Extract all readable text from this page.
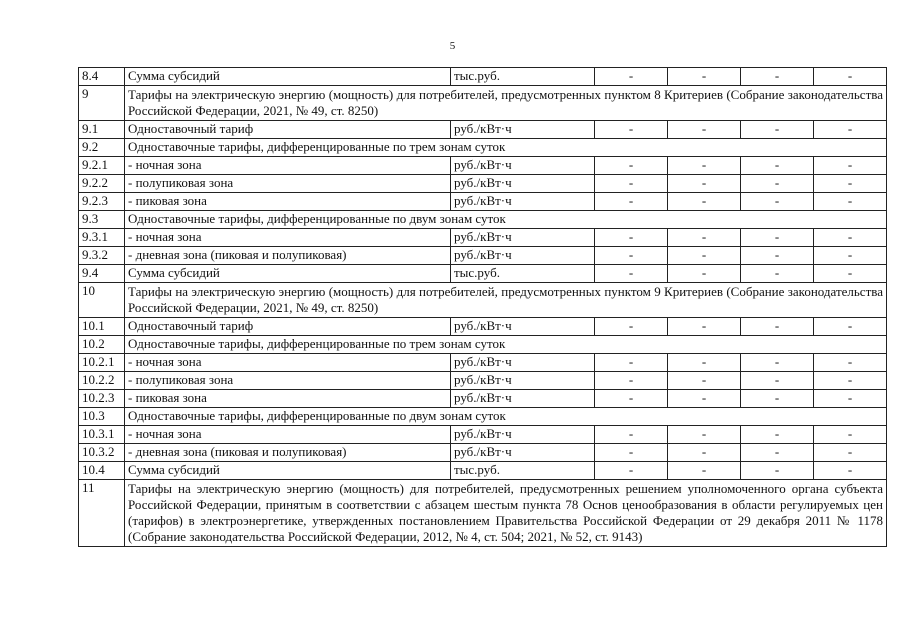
5
8.4	Сумма субсидий	тыс.руб.	-	-	-	-
9	Тарифы на электрическую энергию (мощность) для потребителей, предусмотренных пунктом 8 Критериев (Собрание законодательства Российской Федерации, 2021, № 49, ст. 8250)					
9.1	Одноставочный тариф	руб./кВт·ч	-	-	-	-
9.2	Одноставочные тарифы, дифференцированные по трем зонам суток					
9.2.1	- ночная зона	руб./кВт·ч	-	-	-	-
9.2.2	- полупиковая зона	руб./кВт·ч	-	-	-	-
9.2.3	- пиковая зона	руб./кВт·ч	-	-	-	-
9.3	Одноставочные тарифы, дифференцированные по двум зонам суток					
9.3.1	- ночная зона	руб./кВт·ч	-	-	-	-
9.3.2	- дневная зона (пиковая и полупиковая)	руб./кВт·ч	-	-	-	-
9.4	Сумма субсидий	тыс.руб.	-	-	-	-
10	Тарифы на электрическую энергию (мощность) для потребителей, предусмотренных пунктом 9 Критериев (Собрание законодательства Российской Федерации, 2021, № 49, ст. 8250)					
10.1	Одноставочный тариф	руб./кВт·ч	-	-	-	-
10.2	Одноставочные тарифы, дифференцированные по трем зонам суток					
10.2.1	- ночная зона	руб./кВт·ч	-	-	-	-
10.2.2	- полупиковая зона	руб./кВт·ч	-	-	-	-
10.2.3	- пиковая зона	руб./кВт·ч	-	-	-	-
10.3	Одноставочные тарифы, дифференцированные по двум зонам суток					
10.3.1	- ночная зона	руб./кВт·ч	-	-	-	-
10.3.2	- дневная зона (пиковая и полупиковая)	руб./кВт·ч	-	-	-	-
10.4	Сумма субсидий	тыс.руб.	-	-	-	-
11	Тарифы на электрическую энергию (мощность) для потребителей, предусмотренных решением уполномоченного органа субъекта Российской Федерации, принятым в соответствии с абзацем шестым пункта 78 Основ ценообразования в области регулируемых цен (тарифов) в электроэнергетике, утвержденных постановлением Правительства Российской Федерации от 29 декабря 2011 № 1178 (Собрание законодательства Российской Федерации, 2012, № 4, ст. 504; 2021, № 52, ст. 9143)					
